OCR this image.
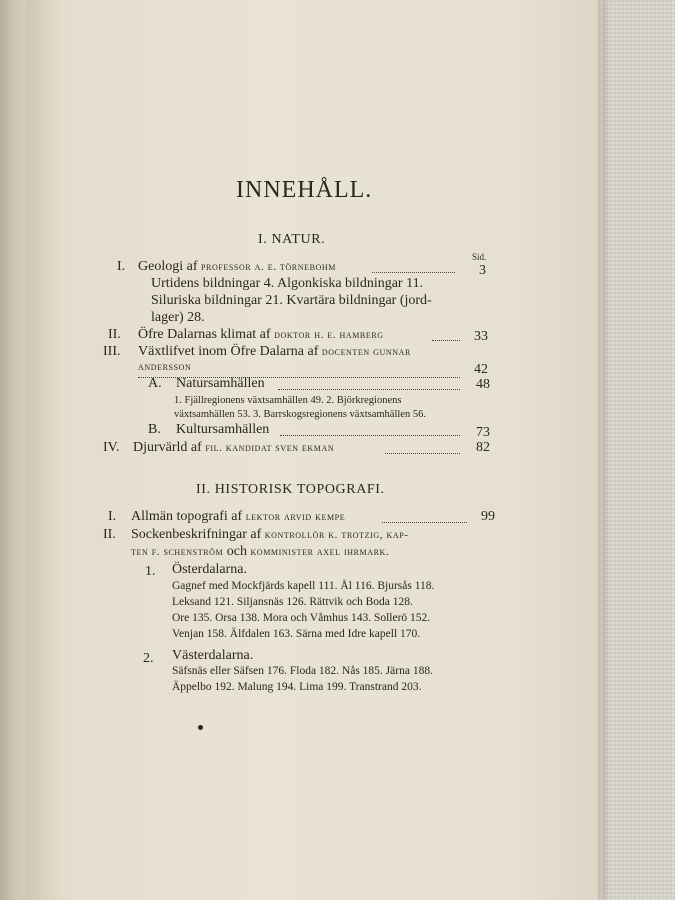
INNEHÅLL.
I. NATUR.
Sid.
I. Geologi af professor a. e. törnebohm	3
Urtidens bildningar 4. Algonkiska bildningar 11.
Siluriska bildningar 21. Kvartära bildningar (jord-
lager) 28.
II. Öfre Dalarnas klimat af doktor h. e. hamberg	33
III. Växtlifvet inom Öfre Dalarna af docenten gunnar
andersson	42
A. Natursamhällen	48
1. Fjällregionens växtsamhällen 49. 2. Björkregionens
växtsamhällen 53. 3. Barrskogsregionens växtsamhällen 56.
B. Kultursamhällen	73
IV. Djurvärld af fil. kandidat sven ekman	82
II. HISTORISK TOPOGRAFI.
I. Allmän topografi af lektor arvid kempe	99
II. Sockenbeskrifningar af kontrollör k. trotzig, kap-
ten f. schenström och komminister axel ihrmark.
1. Österdalarna.
Gagnef med Mockfjärds kapell 111. Ål 116. Bjursås 118.
Leksand 121. Siljansnäs 126. Rättvik och Boda 128.
Ore 135. Orsa 138. Mora och Våmhus 143. Sollerö 152.
Venjan 158. Älfdalen 163. Särna med Idre kapell 170.
2. Västerdalarna.
Säfsnäs eller Säfsen 176. Floda 182. Nås 185. Järna 188.
Äppelbo 192. Malung 194. Lima 199. Transtrand 203.
